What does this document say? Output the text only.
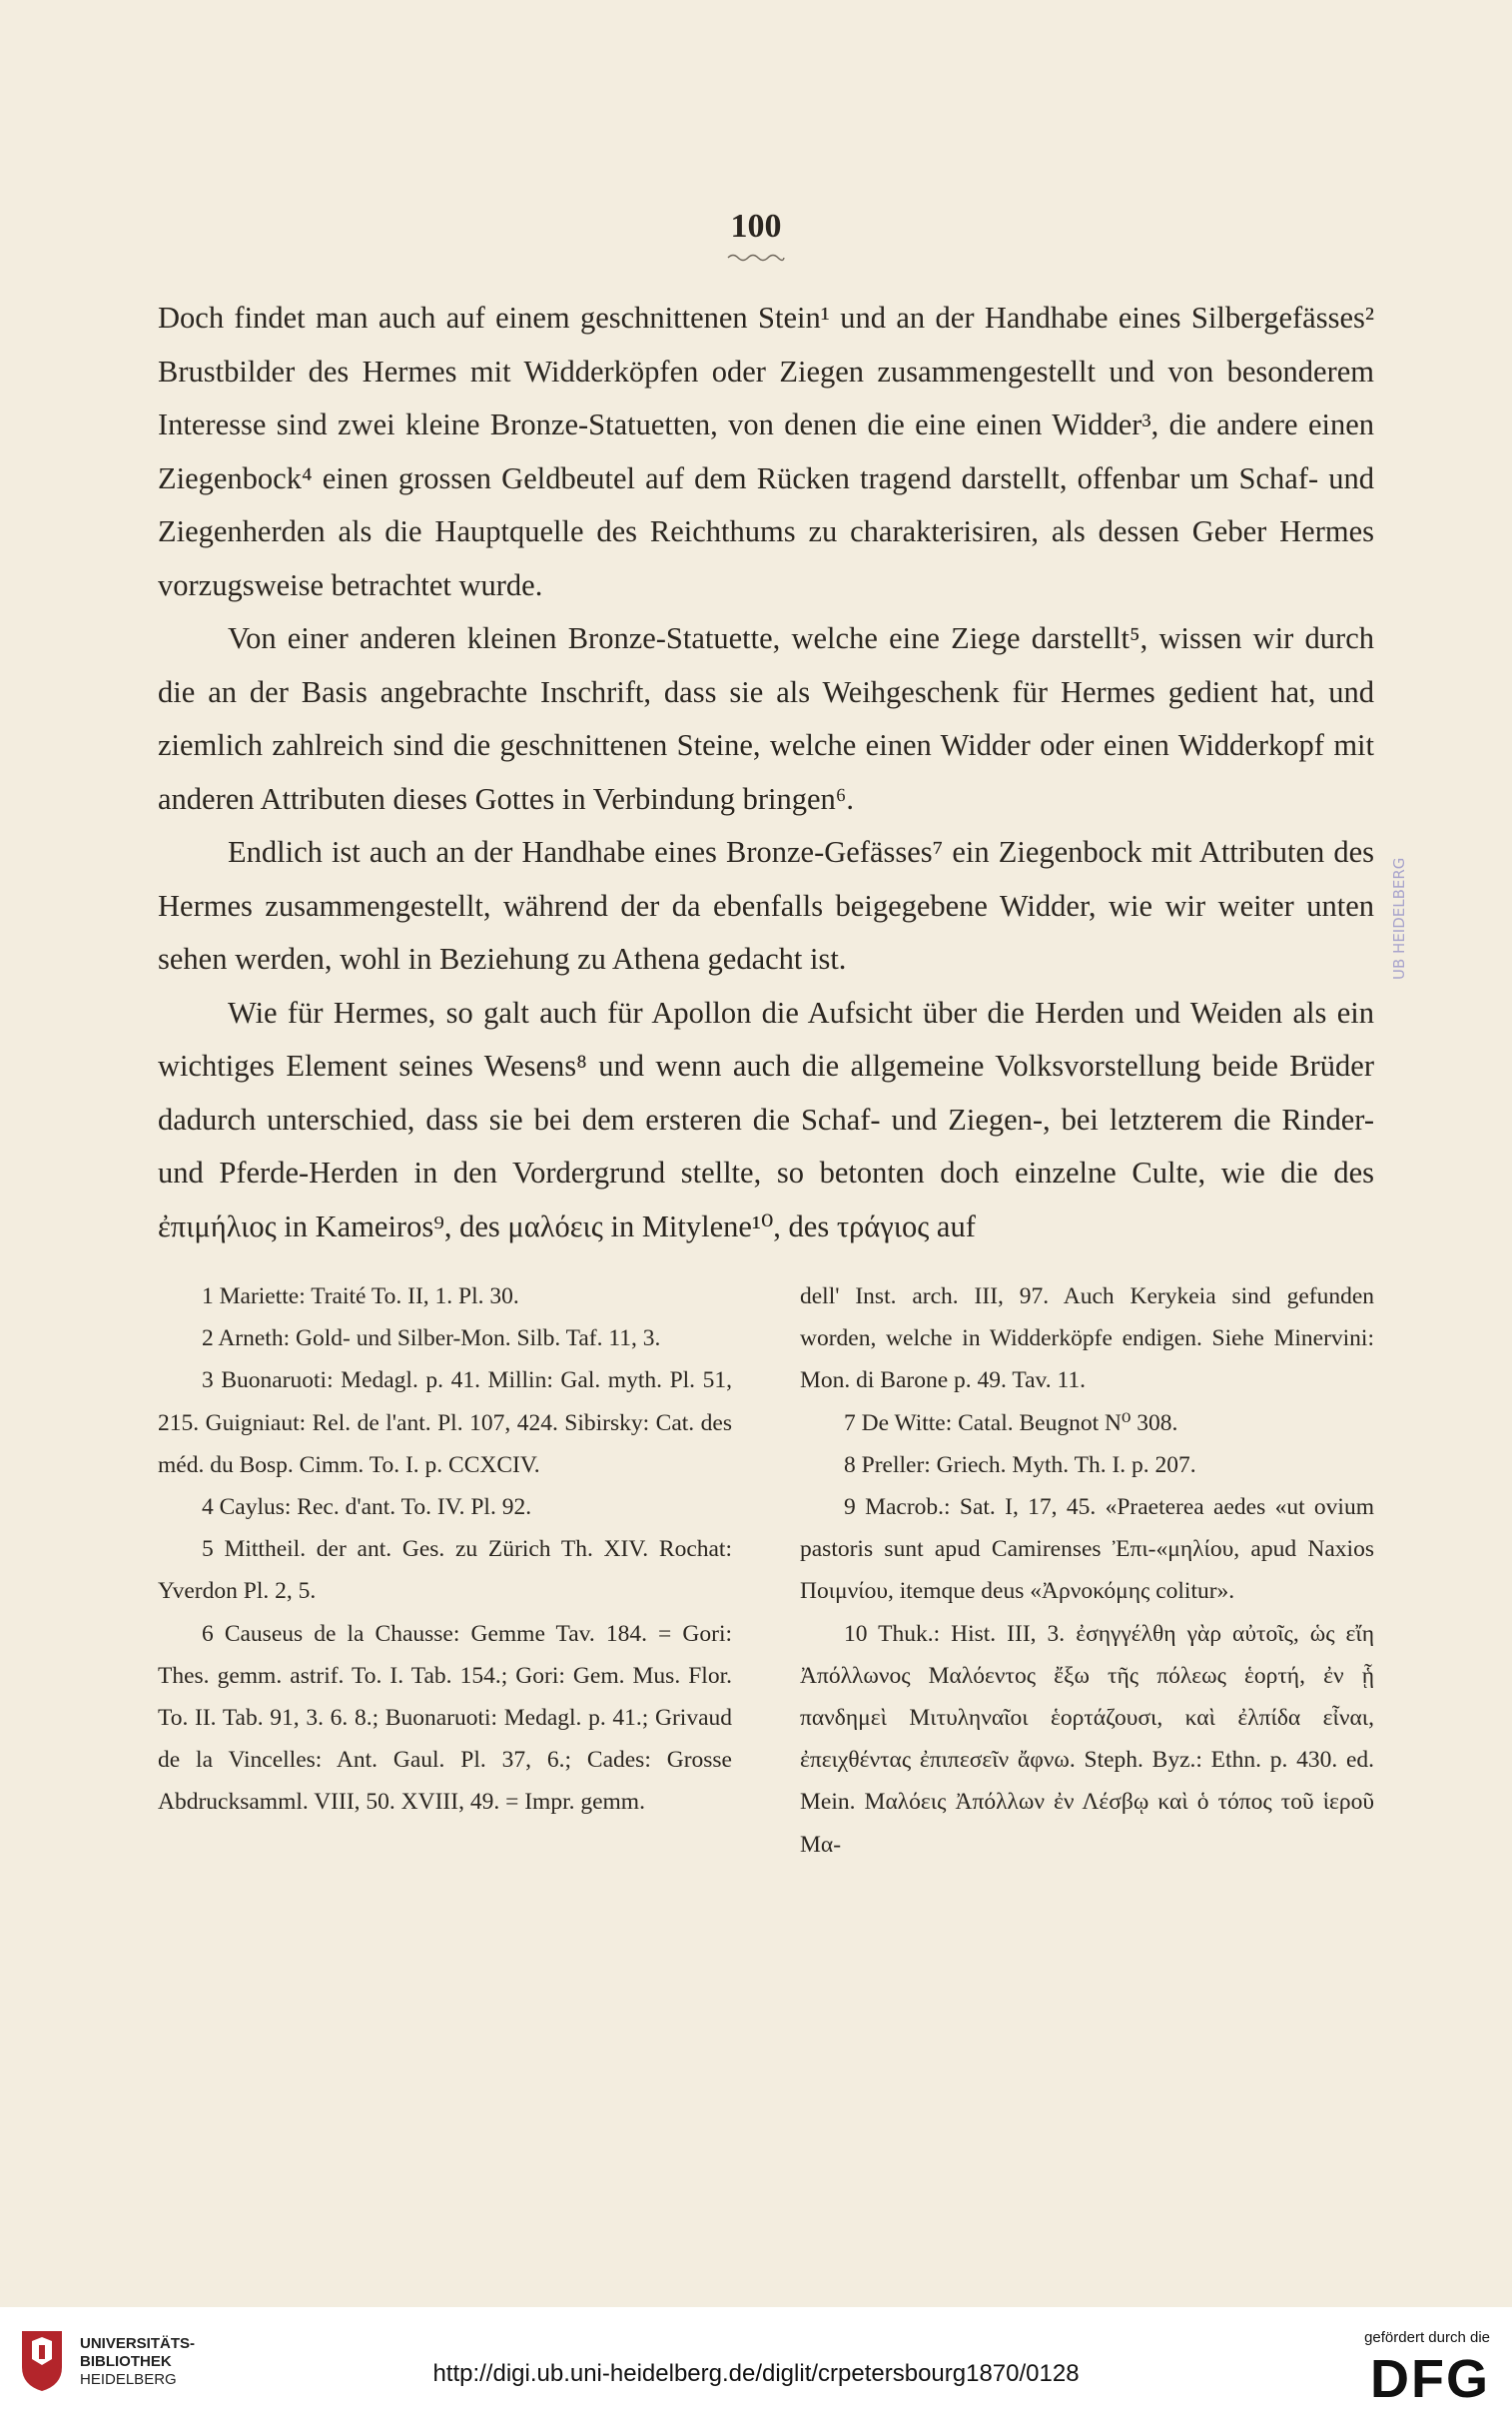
100

Doch findet man auch auf einem geschnittenen Stein¹ und an der Handhabe eines Silbergefässes² Brustbilder des Hermes mit Widderköpfen oder Ziegen zusammengestellt und von besonderem Interesse sind zwei kleine Bronze-Statuetten, von denen die eine einen Widder³, die andere einen Ziegenbock⁴ einen grossen Geldbeutel auf dem Rücken tragend darstellt, offenbar um Schaf- und Ziegenherden als die Hauptquelle des Reichthums zu charakterisiren, als dessen Geber Hermes vorzugsweise betrachtet wurde.

Von einer anderen kleinen Bronze-Statuette, welche eine Ziege darstellt⁵, wissen wir durch die an der Basis angebrachte Inschrift, dass sie als Weihgeschenk für Hermes gedient hat, und ziemlich zahlreich sind die geschnittenen Steine, welche einen Widder oder einen Widderkopf mit anderen Attributen dieses Gottes in Verbindung bringen⁶.

Endlich ist auch an der Handhabe eines Bronze-Gefässes⁷ ein Ziegenbock mit Attributen des Hermes zusammengestellt, während der da ebenfalls beigegebene Widder, wie wir weiter unten sehen werden, wohl in Beziehung zu Athena gedacht ist.

Wie für Hermes, so galt auch für Apollon die Aufsicht über die Herden und Weiden als ein wichtiges Element seines Wesens⁸ und wenn auch die allgemeine Volksvorstellung beide Brüder dadurch unterschied, dass sie bei dem ersteren die Schaf- und Ziegen-, bei letzterem die Rinder- und Pferde-Herden in den Vordergrund stellte, so betonten doch einzelne Culte, wie die des ἐπιμήλιος in Kameiros⁹, des μαλόεις in Mitylene¹⁰, des τράγιος auf

UB HEIDELBERG

1 Mariette: Traité To. II, 1. Pl. 30.

2 Arneth: Gold- und Silber-Mon. Silb. Taf. 11, 3.

3 Buonaruoti: Medagl. p. 41. Millin: Gal. myth. Pl. 51, 215. Guigniaut: Rel. de l'ant. Pl. 107, 424. Sibirsky: Cat. des méd. du Bosp. Cimm. To. I. p. CCXCIV.

4 Caylus: Rec. d'ant. To. IV. Pl. 92.

5 Mittheil. der ant. Ges. zu Zürich Th. XIV. Rochat: Yverdon Pl. 2, 5.

6 Causeus de la Chausse: Gemme Tav. 184. = Gori: Thes. gemm. astrif. To. I. Tab. 154.; Gori: Gem. Mus. Flor. To. II. Tab. 91, 3. 6. 8.; Buonaruoti: Medagl. p. 41.; Grivaud de la Vincelles: Ant. Gaul. Pl. 37, 6.; Cades: Grosse Abdrucksamml. VIII, 50. XVIII, 49. = Impr. gemm.

dell' Inst. arch. III, 97. Auch Kerykeia sind gefunden worden, welche in Widderköpfe endigen. Siehe Minervini: Mon. di Barone p. 49. Tav. 11.

7 De Witte: Catal. Beugnot N⁰ 308.

8 Preller: Griech. Myth. Th. I. p. 207.

9 Macrob.: Sat. I, 17, 45. «Praeterea aedes «ut ovium pastoris sunt apud Camirenses Ἐπι-«μηλίου, apud Naxios Ποιμνίου, itemque deus «Ἀρνοκόμης colitur».

10 Thuk.: Hist. III, 3. ἐσηγγέλθη γὰρ αὐτοῖς, ὡς εἴη Ἀπόλλωνος Μαλόεντος ἔξω τῆς πόλεως ἑορτή, ἐν ᾗ πανδημεὶ Μιτυληναῖοι ἑορτάζουσι, καὶ ἐλπίδα εἶναι, ἐπειχθέντας ἐπιπεσεῖν ἄφνω. Steph. Byz.: Ethn. p. 430. ed. Mein. Μαλόεις Ἀπόλλων ἐν Λέσβῳ καὶ ὁ τόπος τοῦ ἱεροῦ Μα-

UNIVERSITÄTS-
BIBLIOTHEK
HEIDELBERG	http://digi.ub.uni-heidelberg.de/diglit/crpetersbourg1870/0128
gefördert durch die
DFG
